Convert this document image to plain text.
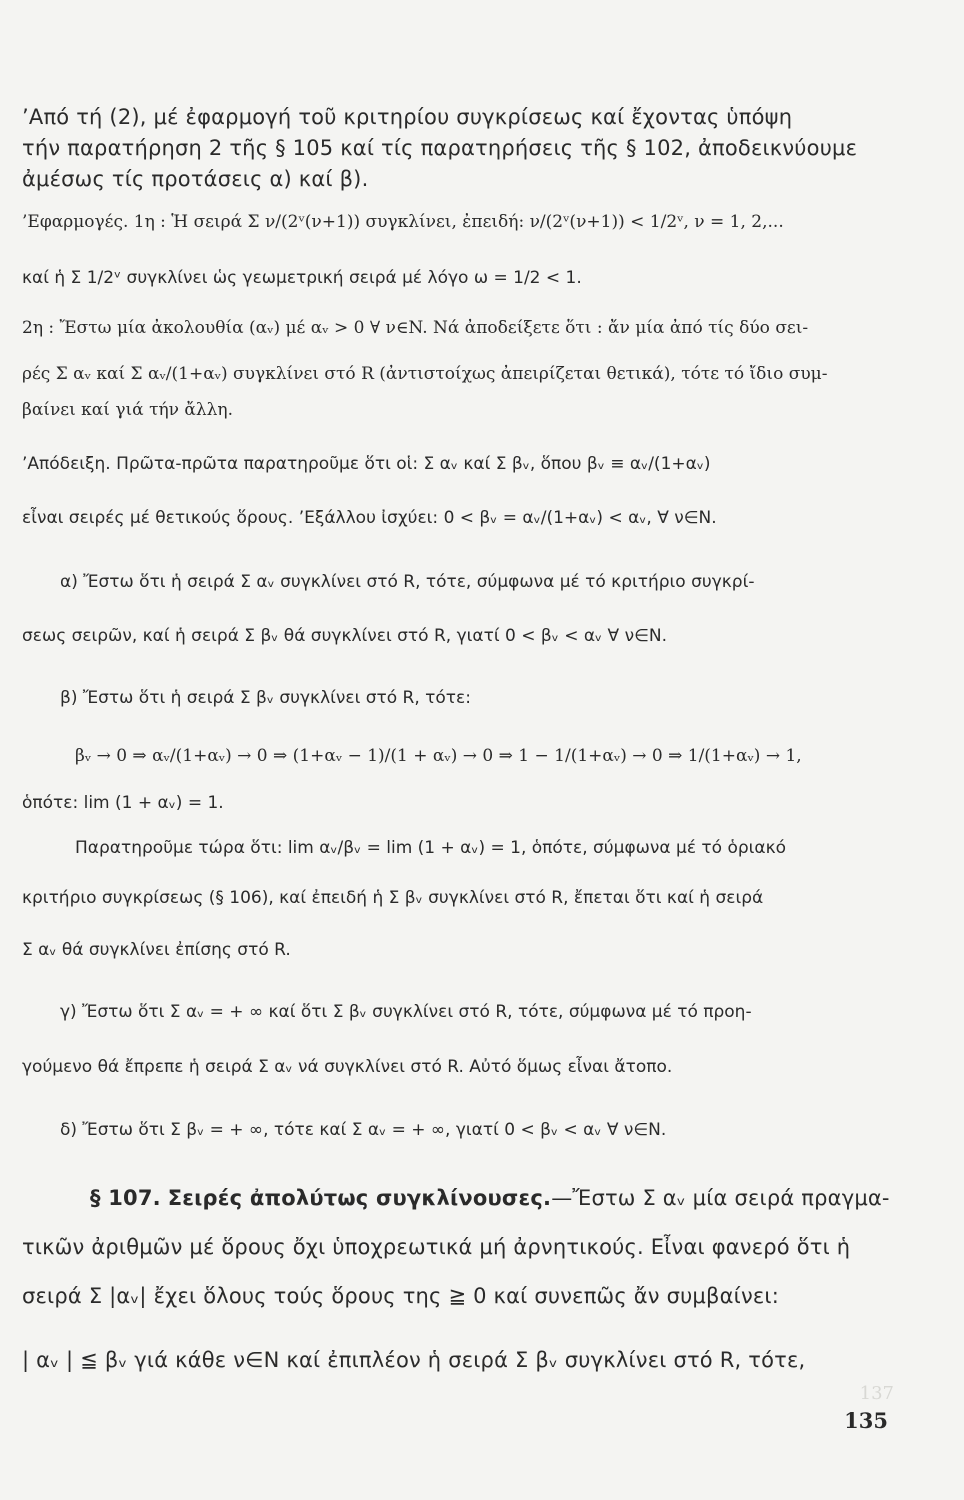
’Από τή (2), μέ ἐφαρμογή τοῦ κριτηρίου συγκρίσεως καί ἔχοντας ὑπόψη
τήν παρατήρηση 2 τῆς § 105 καί τίς παρατηρήσεις τῆς § 102, ἀποδεικνύουμε
ἀμέσως τίς προτάσεις α) καί β).
’Εφαρμογές. 1η : Ἡ σειρά Σ ν/(2ᵛ(ν+1)) συγκλίνει, ἐπειδή: ν/(2ᵛ(ν+1)) < 1/2ᵛ, ν = 1, 2,...
καί ἡ Σ 1/2ᵛ συγκλίνει ὡς γεωμετρική σειρά μέ λόγο ω = 1/2 < 1.
2η : Ἔστω μία ἀκολουθία (αᵥ) μέ αᵥ > 0 ∀ ν∈N. Νά ἀποδείξετε ὅτι : ἄν μία ἀπό τίς δύο σει-
ρές Σ αᵥ καί Σ αᵥ/(1+αᵥ) συγκλίνει στό R (ἀντιστοίχως ἀπειρίζεται θετικά), τότε τό ἴδιο συμ-
βαίνει καί γιά τήν ἄλλη.
’Απόδειξη. Πρῶτα-πρῶτα παρατηροῦμε ὅτι οἱ: Σ αᵥ καί Σ βᵥ, ὅπου βᵥ ≡ αᵥ/(1+αᵥ)
εἶναι σειρές μέ θετικούς ὅρους. ’Εξάλλου ἰσχύει: 0 < βᵥ = αᵥ/(1+αᵥ) < αᵥ, ∀ ν∈N.
α) Ἔστω ὅτι ἡ σειρά Σ αᵥ συγκλίνει στό R, τότε, σύμφωνα μέ τό κριτήριο συγκρί-
σεως σειρῶν, καί ἡ σειρά Σ βᵥ θά συγκλίνει στό R, γιατί 0 < βᵥ < αᵥ ∀ ν∈N.
β) Ἔστω ὅτι ἡ σειρά Σ βᵥ συγκλίνει στό R, τότε:
βᵥ → 0 ⇒ αᵥ/(1+αᵥ) → 0 ⇒ (1+αᵥ − 1)/(1 + αᵥ) → 0 ⇒ 1 − 1/(1+αᵥ) → 0 ⇒ 1/(1+αᵥ) → 1,
ὁπότε: lim (1 + αᵥ) = 1.
Παρατηροῦμε τώρα ὅτι: lim αᵥ/βᵥ = lim (1 + αᵥ) = 1, ὁπότε, σύμφωνα μέ τό ὁριακό
κριτήριο συγκρίσεως (§ 106), καί ἐπειδή ἡ Σ βᵥ συγκλίνει στό R, ἔπεται ὅτι καί ἡ σειρά
Σ αᵥ θά συγκλίνει ἐπίσης στό R.
γ) Ἔστω ὅτι Σ αᵥ = + ∞ καί ὅτι Σ βᵥ συγκλίνει στό R, τότε, σύμφωνα μέ τό προη-
γούμενο θά ἔπρεπε ἡ σειρά Σ αᵥ νά συγκλίνει στό R. Αὐτό ὅμως εἶναι ἄτοπο.
δ) Ἔστω ὅτι Σ βᵥ = + ∞, τότε καί Σ αᵥ = + ∞, γιατί 0 < βᵥ < αᵥ ∀ ν∈N.
§ 107. Σειρές ἀπολύτως συγκλίνουσες.—Ἔστω Σ αᵥ μία σειρά πραγμα-
τικῶν ἀριθμῶν μέ ὅρους ὄχι ὑποχρεωτικά μή ἀρνητικούς. Εἶναι φανερό ὅτι ἡ
σειρά Σ |αᵥ| ἔχει ὅλους τούς ὅρους της ≧ 0 καί συνεπῶς ἄν συμβαίνει:
| αᵥ | ≦ βᵥ γιά κάθε ν∈N καί ἐπιπλέον ἡ σειρά Σ βᵥ συγκλίνει στό R, τότε,
137
135
